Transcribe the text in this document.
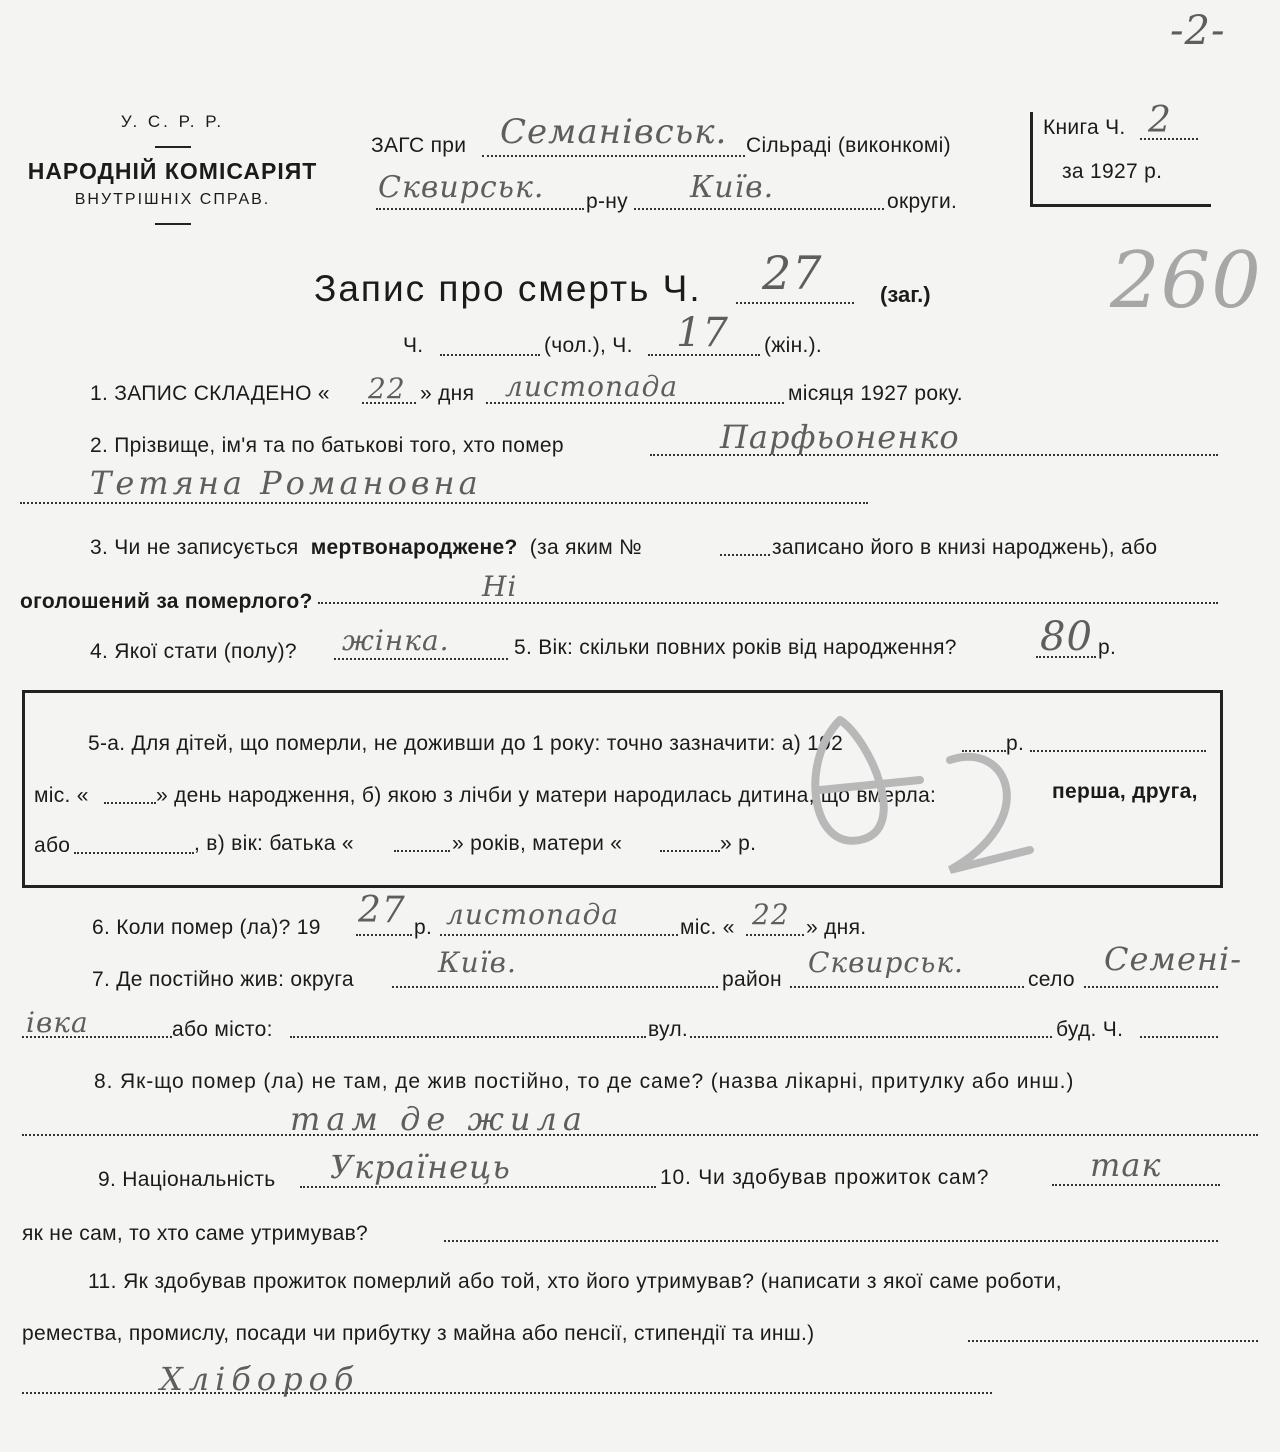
-2-
У. С. Р. Р.
НАРОДНІЙ КОМІСАРІЯТ
ВНУТРІШНІХ СПРАВ.
ЗАГС при Семанівськ. Сільраді (виконкомі)
Сквирськ. р-ну Київ.	округи.
Книга Ч. 2
за 1927 р.
260
Запис про смерть Ч. 27	(заг.)
Ч.	(чол.), Ч. 17 (жін.).
1. ЗАПИС СКЛАДЕНО « 22 » дня листопада	місяця 1927 року.
2. Прізвище, ім'я та по батькові того, хто помер	Парфьоненко
Тетяна Романовна
3. Чи не записується мертвонароджене? (за яким №	записано його в книзі народжень), або
оголошений за померлого?	Ні
4. Якої стати (полу)? жінка.	5. Вік: скільки повних років від народження? 80 р.
5-а. Для дітей, що померли, не доживши до 1 року: точно зазначити: а) 192	р.
міс. «	» день народження, б) якою з лічби у матери народилась дитина, що вмерла:	перша, друга,
або	, в) вік: батька «	» років, матери «	» р.
6. Коли помер (ла)? 19 27 р. листопада	міс. « 22 » дня.
7. Де постійно жив: округа
Київ.
район
Сквирськ.
село
Семені-
івка	або місто:	вул.	буд. Ч.
8. Як-що помер (ла) не там, де жив постійно, то де саме? (назва лікарні, притулку або инш.)
там де жила
9. Національність Українець	10. Чи здобував прожиток сам?	так
як не сам, то хто саме утримував?
11. Як здобував прожиток померлий або той, хто його утримував? (написати з якої саме роботи,
ремества, промислу, посади чи прибутку з майна або пенсії, стипендії та инш.)
Хлібороб
